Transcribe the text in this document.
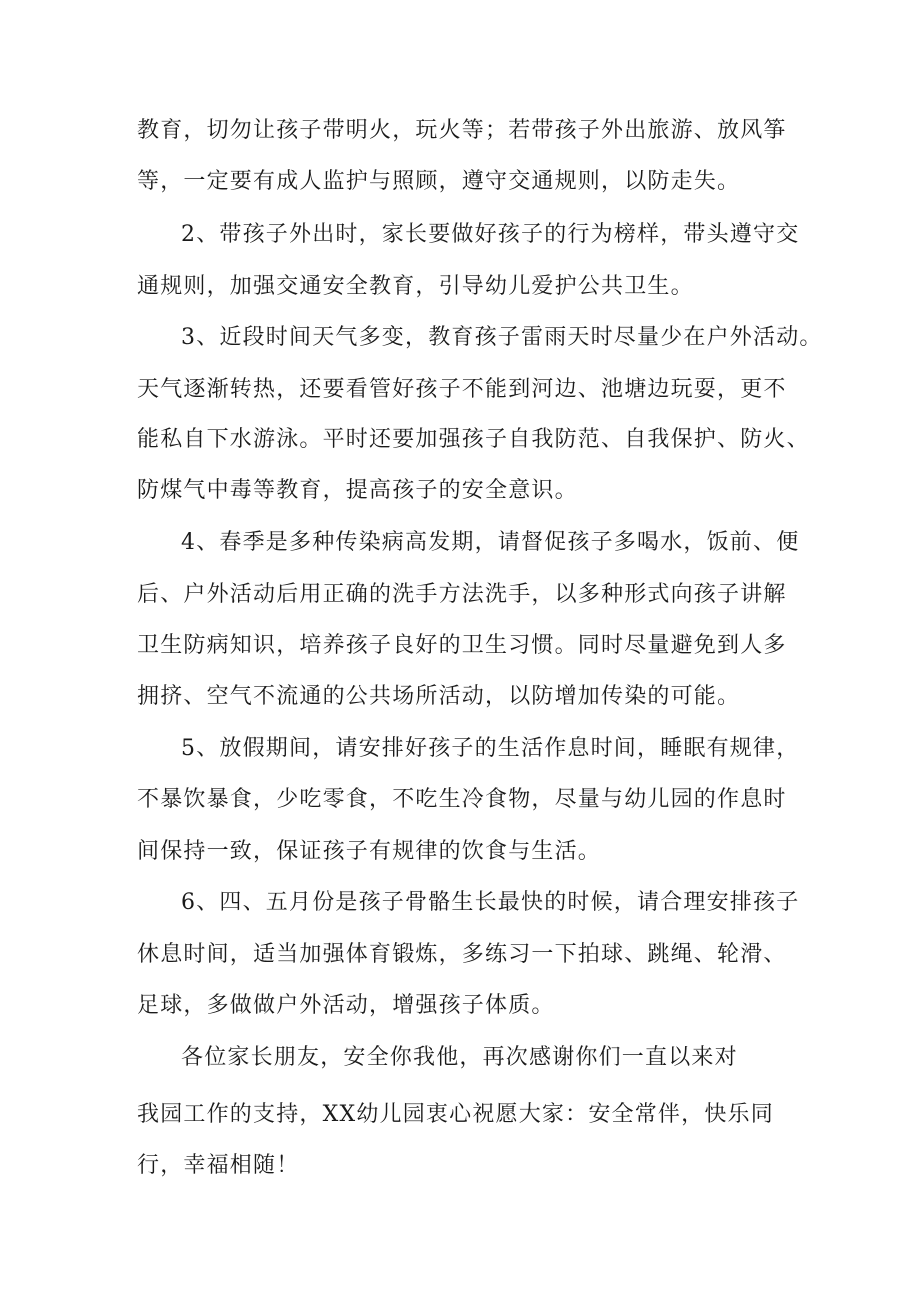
教育，切勿让孩子带明火，玩火等；若带孩子外出旅游、放风筝
等，一定要有成人监护与照顾，遵守交通规则，以防走失。
2、带孩子外出时，家长要做好孩子的行为榜样，带头遵守交
通规则，加强交通安全教育，引导幼儿爱护公共卫生。
3、近段时间天气多变，教育孩子雷雨天时尽量少在户外活动。
天气逐渐转热，还要看管好孩子不能到河边、池塘边玩耍，更不
能私自下水游泳。平时还要加强孩子自我防范、自我保护、防火、
防煤气中毒等教育，提高孩子的安全意识。
4、春季是多种传染病高发期，请督促孩子多喝水，饭前、便
后、户外活动后用正确的洗手方法洗手，以多种形式向孩子讲解
卫生防病知识，培养孩子良好的卫生习惯。同时尽量避免到人多
拥挤、空气不流通的公共场所活动，以防增加传染的可能。
5、放假期间，请安排好孩子的生活作息时间，睡眠有规律，
不暴饮暴食，少吃零食，不吃生冷食物，尽量与幼儿园的作息时
间保持一致，保证孩子有规律的饮食与生活。
6、四、五月份是孩子骨骼生长最快的时候，请合理安排孩子
休息时间，适当加强体育锻炼，多练习一下拍球、跳绳、轮滑、
足球，多做做户外活动，增强孩子体质。
各位家长朋友，安全你我他，再次感谢你们一直以来对
我园工作的支持，XX幼儿园衷心祝愿大家：安全常伴，快乐同
行，幸福相随！
